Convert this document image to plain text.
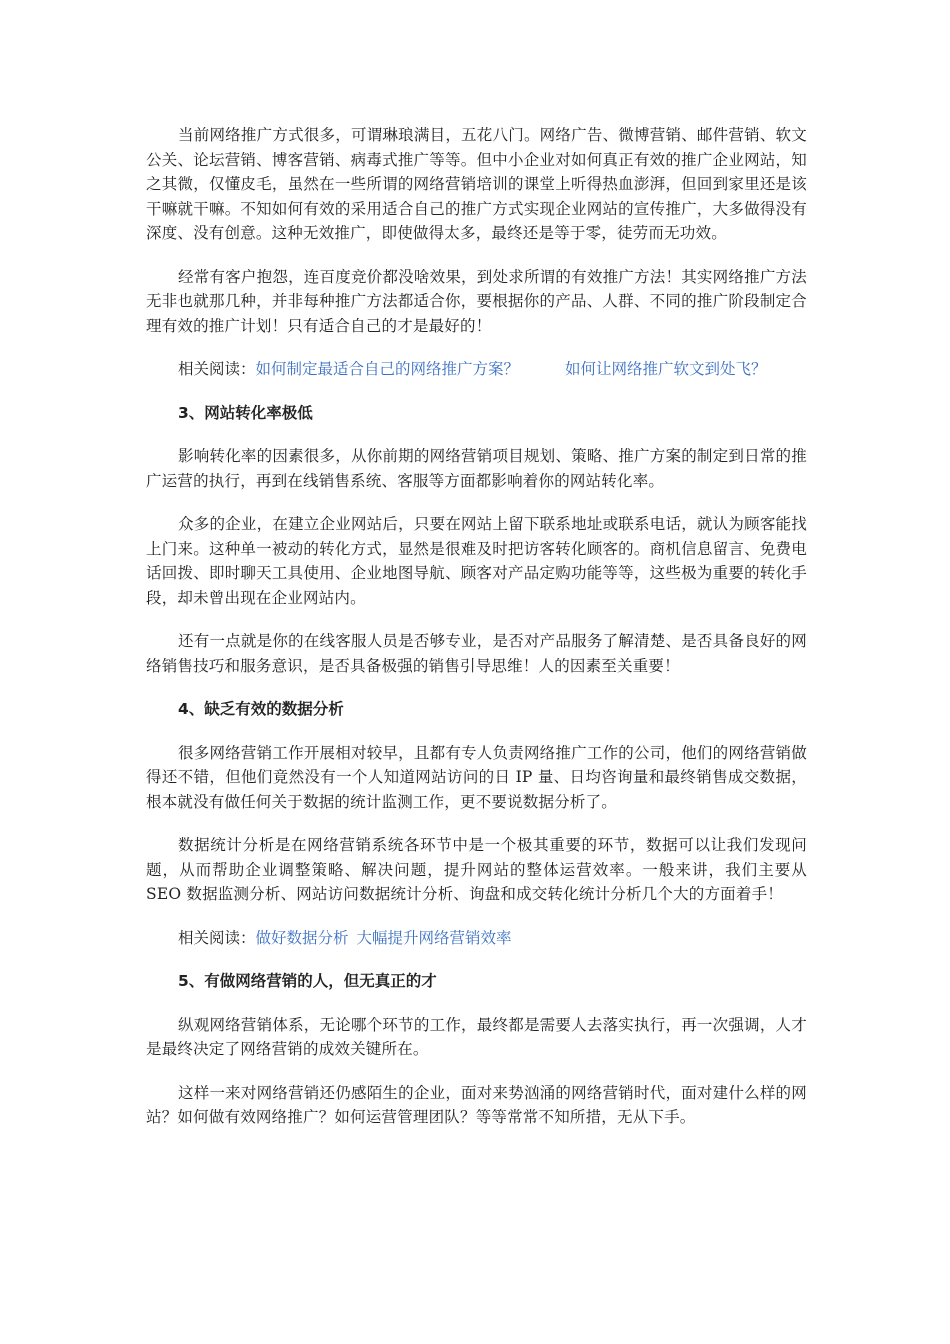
当前网络推广方式很多，可谓琳琅满目，五花八门。网络广告、微博营销、邮件营销、软文公关、论坛营销、博客营销、病毒式推广等等。但中小企业对如何真正有效的推广企业网站，知之其微，仅懂皮毛，虽然在一些所谓的网络营销培训的课堂上听得热血澎湃，但回到家里还是该干嘛就干嘛。不知如何有效的采用适合自己的推广方式实现企业网站的宣传推广，大多做得没有深度、没有创意。这种无效推广，即使做得太多，最终还是等于零，徒劳而无功效。

经常有客户抱怨，连百度竞价都没啥效果，到处求所谓的有效推广方法！其实网络推广方法无非也就那几种，并非每种推广方法都适合你，要根据你的产品、人群、不同的推广阶段制定合理有效的推广计划！只有适合自己的才是最好的！

相关阅读：如何制定最适合自己的网络推广方案？	如何让网络推广软文到处飞？

3、网站转化率极低

影响转化率的因素很多，从你前期的网络营销项目规划、策略、推广方案的制定到日常的推广运营的执行，再到在线销售系统、客服等方面都影响着你的网站转化率。

众多的企业，在建立企业网站后，只要在网站上留下联系地址或联系电话，就认为顾客能找上门来。这种单一被动的转化方式，显然是很难及时把访客转化顾客的。商机信息留言、免费电话回拨、即时聊天工具使用、企业地图导航、顾客对产品定购功能等等，这些极为重要的转化手段，却未曾出现在企业网站内。

还有一点就是你的在线客服人员是否够专业，是否对产品服务了解清楚、是否具备良好的网络销售技巧和服务意识，是否具备极强的销售引导思维！人的因素至关重要！

4、缺乏有效的数据分析

很多网络营销工作开展相对较早，且都有专人负责网络推广工作的公司，他们的网络营销做得还不错，但他们竟然没有一个人知道网站访问的日 IP 量、日均咨询量和最终销售成交数据，根本就没有做任何关于数据的统计监测工作，更不要说数据分析了。

数据统计分析是在网络营销系统各环节中是一个极其重要的环节，数据可以让我们发现问题，从而帮助企业调整策略、解决问题，提升网站的整体运营效率。一般来讲，我们主要从 SEO 数据监测分析、网站访问数据统计分析、询盘和成交转化统计分析几个大的方面着手！

相关阅读：做好数据分析 大幅提升网络营销效率

5、有做网络营销的人，但无真正的才

纵观网络营销体系，无论哪个环节的工作，最终都是需要人去落实执行，再一次强调，人才是最终决定了网络营销的成效关键所在。

这样一来对网络营销还仍感陌生的企业，面对来势汹涌的网络营销时代，面对建什么样的网站？如何做有效网络推广？如何运营管理团队？等等常常不知所措，无从下手。
